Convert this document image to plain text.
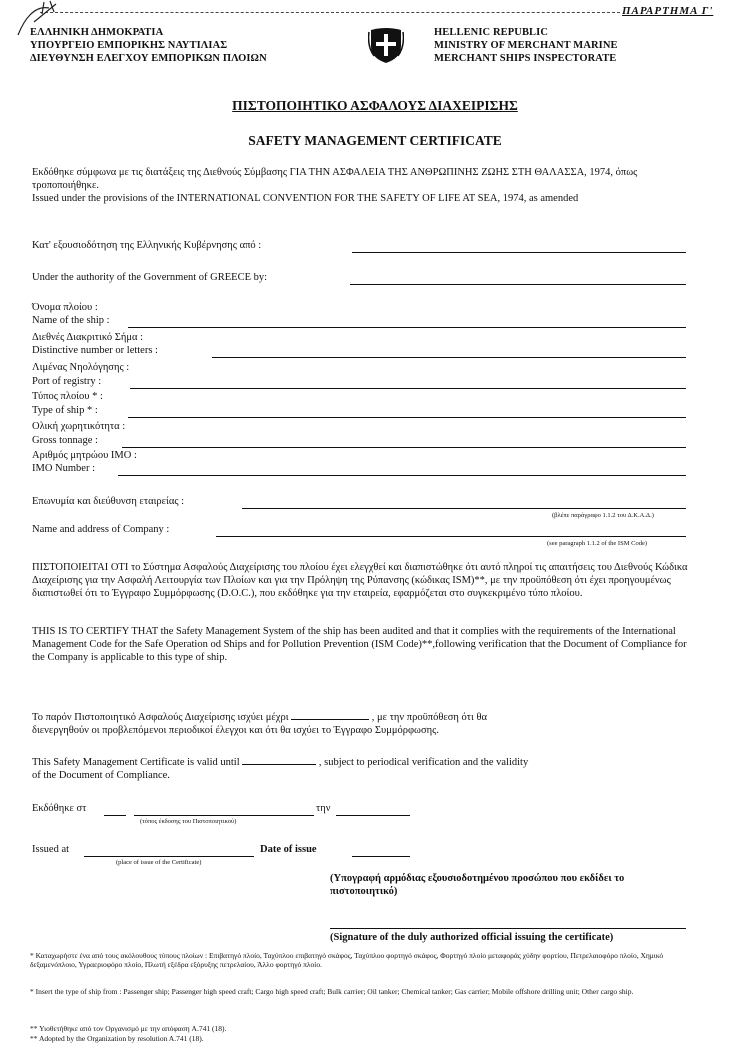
ΠΑΡΑΡΤΗΜΑ Γ'
ΕΛΛΗΝΙΚΗ ΔΗΜΟΚΡΑΤΙΑ
ΥΠΟΥΡΓΕΙΟ ΕΜΠΟΡΙΚΗΣ ΝΑΥΤΙΛΙΑΣ
ΔΙΕΥΘΥΝΣΗ ΕΛΕΓΧΟΥ ΕΜΠΟΡΙΚΩΝ ΠΛΟΙΩΝ
HELLENIC REPUBLIC
MINISTRY OF MERCHANT MARINE
MERCHANT SHIPS INSPECTORATE
ΠΙΣΤΟΠΟΙΗΤΙΚΟ ΑΣΦΑΛΟΥΣ ΔΙΑΧΕΙΡΙΣΗΣ
SAFETY MANAGEMENT CERTIFICATE
Εκδόθηκε σύμφωνα με τις διατάξεις της Διεθνούς Σύμβασης ΓΙΑ ΤΗΝ ΑΣΦΑΛΕΙΑ ΤΗΣ ΑΝΘΡΩΠΙΝΗΣ ΖΩΗΣ ΣΤΗ ΘΑΛΑΣΣΑ, 1974, όπως τροποποιήθηκε.
Issued under the provisions of the INTERNATIONAL CONVENTION FOR THE SAFETY OF LIFE AT SEA, 1974, as amended
Κατ' εξουσιοδότηση της Ελληνικής Κυβέρνησης από :
Under the authority of the Government of GREECE by:
Όνομα πλοίου :
Name of the ship :
Διεθνές Διακριτικό Σήμα :
Distinctive number or letters :
Λιμένας Νηολόγησης :
Port of registry :
Τύπος πλοίου * :
Type of ship * :
Ολική χωρητικότητα :
Gross tonnage :
Αριθμός μητρώου IMO :
IMO Number :
Επωνυμία και διεύθυνση εταιρείας :
(βλέπε παράγραφο 1.1.2 του Δ.Κ.Α.Δ.)
Name and address of Company :
(see paragraph 1.1.2 of the ISM Code)
ΠΙΣΤΟΠΟΙΕΙΤΑΙ ΟΤΙ το Σύστημα Ασφαλούς Διαχείρισης του πλοίου έχει ελεγχθεί και διαπιστώθηκε ότι αυτό πληροί τις απαιτήσεις του Διεθνούς Κώδικα Διαχείρισης για την Ασφαλή Λειτουργία των Πλοίων και για την Πρόληψη της Ρύπανσης (κώδικας ISM)**, με την προϋπόθεση ότι έχει προηγουμένως διαπιστωθεί ότι το Έγγραφο Συμμόρφωσης (D.O.C.), που εκδόθηκε για την εταιρεία, εφαρμόζεται στο συγκεκριμένο τύπο πλοίου.
THIS IS TO CERTIFY THAT the Safety Management System of the ship has been audited and that it complies with the requirements of the International Management Code for the Safe Operation od Ships and for Pollution Prevention (ISM Code)**,following verification that the Document of Compliance for the Company is applicable to this type of ship.
Το παρόν Πιστοποιητικό Ασφαλούς Διαχείρισης ισχύει μέχρι	, με την προϋπόθεση ότι θα
διενεργηθούν οι προβλεπόμενοι περιοδικοί έλεγχοι και ότι θα ισχύει το Έγγραφο Συμμόρφωσης.
This Safety Management Certificate is valid until	, subject to periodical verification and the validity
of the Document of Compliance.
Εκδόθηκε στ
(τόπος έκδοσης του Πιστοποιητικού)
την
Issued at
(place of issue of the Certificate)
Date of issue
(Υπογραφή αρμόδιας εξουσιοδοτημένου προσώπου που εκδίδει το πιστοποιητικό)
(Signature of the duly authorized official issuing the certificate)
* Καταχωρήστε ένα από τους ακόλουθους τύπους πλοίων : Επιβατηγό πλοίο, Ταχύπλοο επιβατηγό σκάφος, Ταχύπλοο φορτηγό σκάφος, Φορτηγό πλοίο μεταφοράς χύδην φορτίου, Πετρελαιοφόρο πλοίο, Χημικό δεξαμενόπλοιο, Υγραεριοφόρο πλοίο, Πλωτή εξέδρα εξόρυξης πετρελαίου, Άλλο φορτηγό πλοίο.
* Insert the type of ship from : Passenger ship; Passenger high speed craft; Cargo high speed craft; Bulk carrier; Oil tanker; Chemical tanker; Gas carrier; Mobile offshore drilling unit; Other cargo ship.
** Υιοθετήθηκε από τον Οργανισμό με την απόφαση A.741 (18).
** Adopted by the Organization by resolution A.741 (18).
